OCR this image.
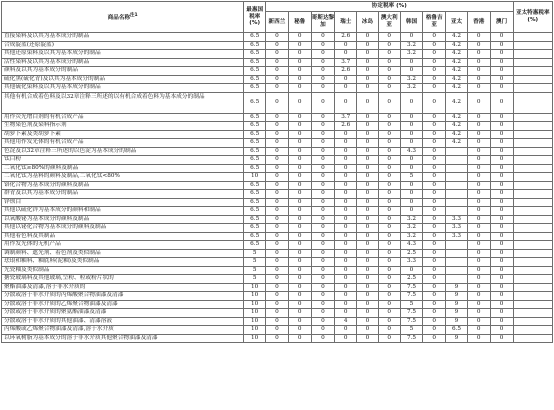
商品名称$^{注1}$	最惠国税率(%)	协定税率 (%)											亚太特惠税率(%)
		新西兰	秘鲁	哥斯达黎加	瑞士	冰岛	澳大利亚	韩国	格鲁吉亚	亚太	香港	澳门	
直接染料及以其为基本成分的制品	6.5	0	0	0	2.6	0	0	0	0	4.2	0	0	
合成靛蓝(还原靛蓝)	6.5	0	0	0	0	0	0	3.2	0	4.2	0	0	
其他还原染料及以其为基本成分的制品	6.5	0	0	0	0	0	0	3.2	0	4.2	0	0	
活性染料及以其为基本成分的制品	6.5	0	0	0	3.7	0	0	0	0	4.2	0	0	
颜料及以其为基本成分的制品	6.5	0	0	0	2.6	0	0	0	0	4.2	0	0	
硫化黑(硫化青)及以其为基本成分的制品	6.5	0	0	0	0	0	0	3.2	0	4.2	0	0	
其他硫化染料及以其为基本成分的制品	6.5	0	0	0	0	0	0	3.2	0	4.2	0	0	
其他有机合成着色料及以32章注释三所述的以有机合成着色料为基本成分的制品	6.5	0	0	0	0	0	0	0	0	4.2	0	0	
用作荧光增白剂的有机合成产品	6.5	0	0	0	3.7	0	0	0	0	4.2	0	0	
生物染色剂及染料指示剂	6.5	0	0	0	2.6	0	0	0	0	4.2	0	0	
胡萝卜素及类胡萝卜素	6.5	0	0	0	0	0	0	0	0	4.2	0	0	
其他用作发光体的有机合成产品	6.5	0	0	0	0	0	0	0	0	4.2	0	0	
色淀及以32章注释三所述的以色淀为基本成分的制品	6.5	0	0	0	0	0	0	4.3	0		0	0	
钛白粉	6.5	0	0	0	0	0	0	0	0		0	0	
二氧化钛≥80%的颜料及制品	6.5	0	0	0	0	0	0	0	0		0	0	
二氧化钛为基料的颜料及制品,二氧化钛<80%	10	0	0	0	0	0	0	5	0		0	0	
铬化合物为基本成分的颜料及制品	6.5	0	0	0	0	0	0	0	0		0	0	
群青及以其为基本成分的制品	6.5	0	0	0	0	0	0	0	0		0	0	
锌钡白	6.5	0	0	0	0	0	0	0	0		0	0	
其他以硫化锌为基本成分的颜料和制品	6.5	0	0	0	0	0	0	0	0		0	0	
以氧酸铋为基本成分的颜料及制品	6.5	0	0	0	0	0	0	3.2	0	3.3	0	0	
其他以铋化合物为基本成分的颜料及制品	6.5	0	0	0	0	0	0	3.2	0	3.3	0	0	
其他着色料及其制品	6.5	0	0	0	0	0	0	3.2	0	3.3	0	0	
用作发光体的无机产品	6.5	0	0	0	0	0	0	4.3	0		0	0	
调制颜料、遮光剂、着色剂及类似制品	5	0	0	0	0	0	0	2.5	0		0	0	
珐琅和釉料、釉底料(泥釉)及类似制品	5	0	0	0	0	0	0	3.3	0		0	0	
光瓷釉及类似制品	5	0	0	0	0	0	0	0	0		0	0	
搪瓷玻璃料及其他玻璃,呈粉、粒或粉片状的	5	0	0	0	0	0	0	2.5	0		0	0	
聚酯油漆及清漆,溶于非水介质的	10	0	0	0	0	0	0	7.5	0	9	0	0	
分散或溶于非水介质的丙烯酸聚合物油漆及清漆	10	0	0	0	0	0	0	7.5	0	9	0	0	
分散或溶于非水介质的乙烯聚合物油漆及清漆	10	0	0	0	0	0	0	5	0	9	0	0	
分散或溶于非水介质的聚氨酯油漆及清漆	10	0	0	0	0	0	0	7.5	0	9	0	0	
分散或溶于非水介质的其他油漆、清漆溶液	10	0	0	0	4	0	0	7.5	0	9	0	0	
丙烯酸或乙烯聚合物油漆及清漆,溶于水介质	10	0	0	0	0	0	0	5	0	6.5	0	0	
以环氧树脂为基本成分的溶于非水介质其他聚合物油漆及清漆	10	0	0	0	0	0	0	7.5	0	9	0	0	
